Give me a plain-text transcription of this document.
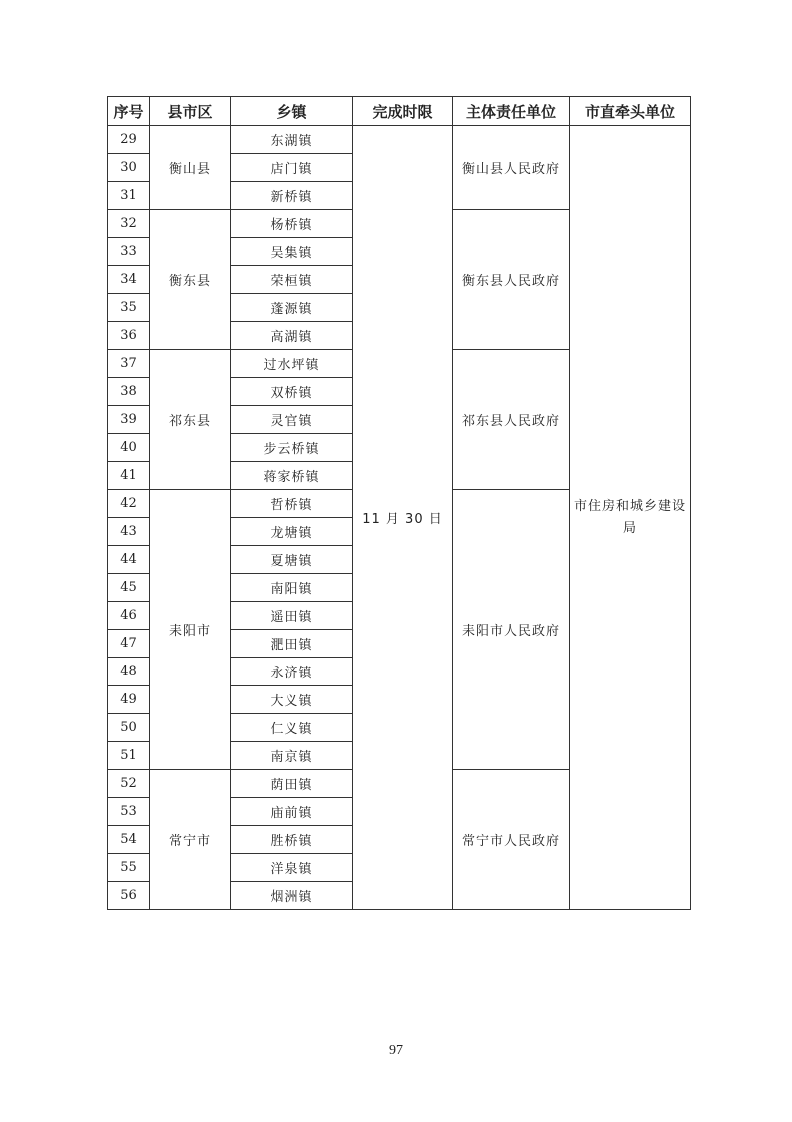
序号	县市区	乡镇	完成时限	主体责任单位	市直牵头单位
29	衡山县	东湖镇	11 月 30 日	衡山县人民政府	市住房和城乡建设局
30		店门镇			
31		新桥镇			
32	衡东县	杨桥镇		衡东县人民政府	
33		吴集镇			
34		荣桓镇			
35		蓬源镇			
36		高湖镇			
37	祁东县	过水坪镇		祁东县人民政府	
38		双桥镇			
39		灵官镇			
40		步云桥镇			
41		蒋家桥镇			
42	耒阳市	哲桥镇		耒阳市人民政府	
43		龙塘镇			
44		夏塘镇			
45		南阳镇			
46		遥田镇			
47		淝田镇			
48		永济镇			
49		大义镇			
50		仁义镇			
51		南京镇			
52	常宁市	荫田镇		常宁市人民政府	
53		庙前镇			
54		胜桥镇			
55		洋泉镇			
56		烟洲镇			
97
